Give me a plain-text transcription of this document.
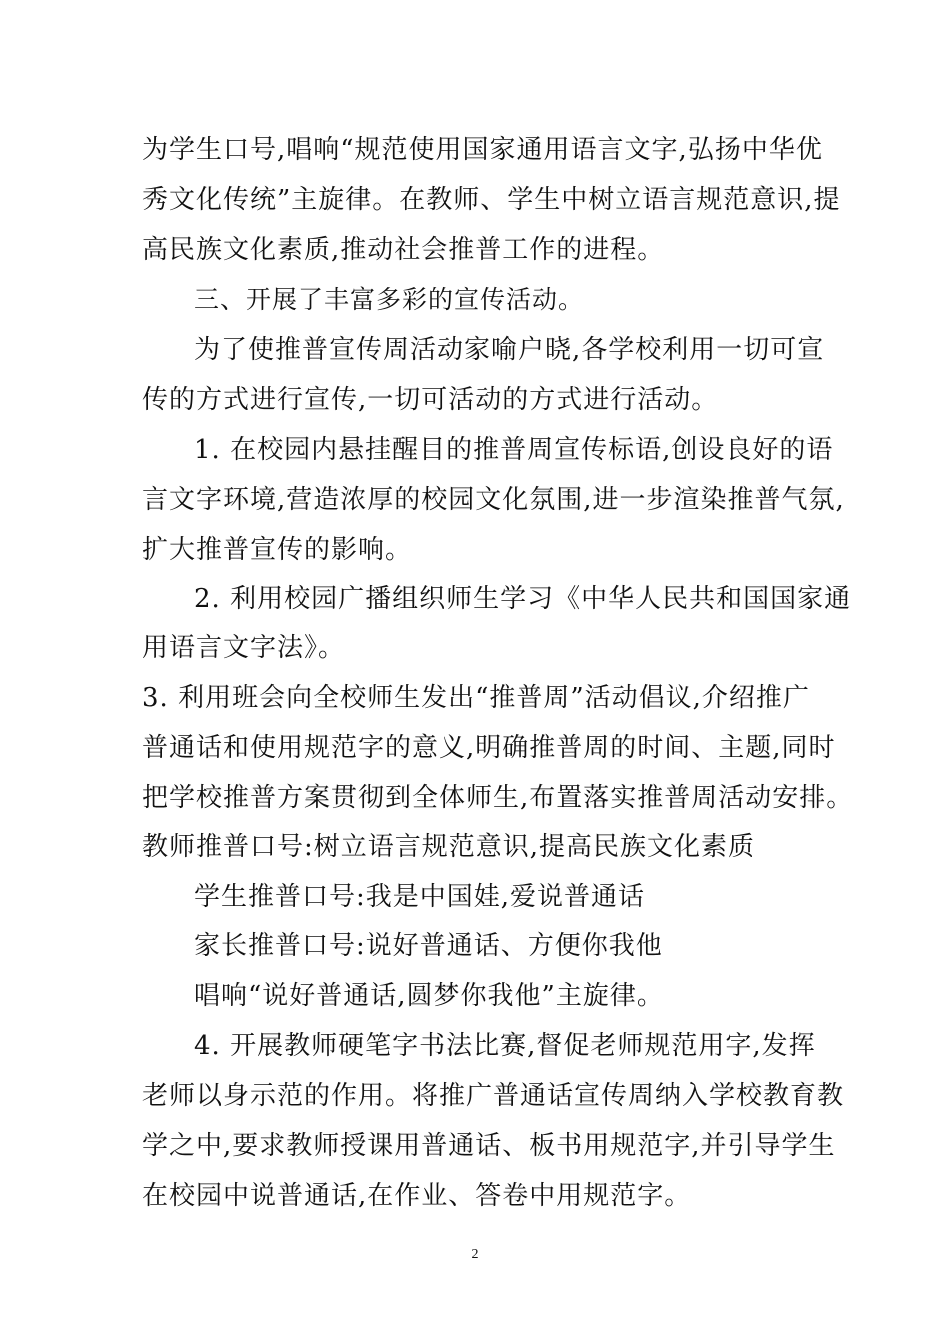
为学生口号,唱响“规范使用国家通用语言文字,弘扬中华优
秀文化传统”主旋律。在教师、学生中树立语言规范意识,提
高民族文化素质,推动社会推普工作的进程。
三、开展了丰富多彩的宣传活动。
为了使推普宣传周活动家喻户晓,各学校利用一切可宣
传的方式进行宣传,一切可活动的方式进行活动。
1. 在校园内悬挂醒目的推普周宣传标语,创设良好的语
言文字环境,营造浓厚的校园文化氛围,进一步渲染推普气氛,
扩大推普宣传的影响。
2. 利用校园广播组织师生学习《中华人民共和国国家通
用语言文字法》。
3. 利用班会向全校师生发出“推普周”活动倡议,介绍推广
普通话和使用规范字的意义,明确推普周的时间、主题,同时
把学校推普方案贯彻到全体师生,布置落实推普周活动安排。
教师推普口号:树立语言规范意识,提高民族文化素质
学生推普口号:我是中国娃,爱说普通话
家长推普口号:说好普通话、方便你我他
唱响“说好普通话,圆梦你我他”主旋律。
4. 开展教师硬笔字书法比赛,督促老师规范用字,发挥
老师以身示范的作用。将推广普通话宣传周纳入学校教育教
学之中,要求教师授课用普通话、板书用规范字,并引导学生
在校园中说普通话,在作业、答卷中用规范字。
2
